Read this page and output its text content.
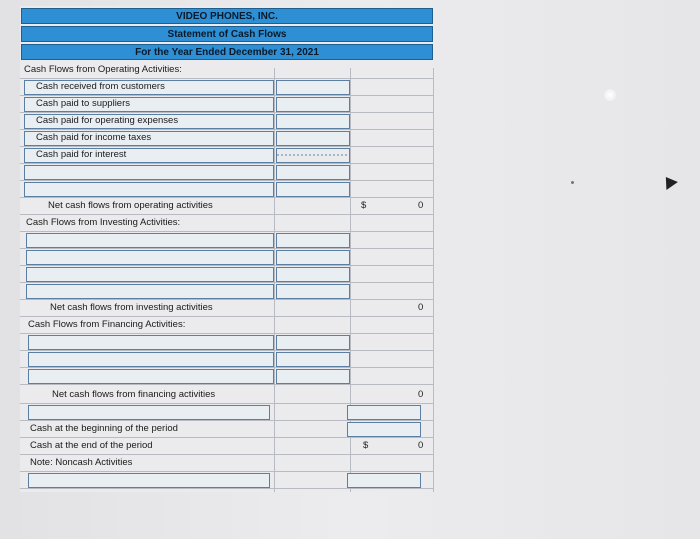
VIDEO PHONES, INC.
Statement of Cash Flows
For the Year Ended December 31, 2021
Cash Flows from Operating Activities:
Cash received from customers
Cash paid to suppliers
Cash paid for operating expenses
Cash paid for income taxes
Cash paid for interest
Net cash flows from operating activities	$	0
Cash Flows from Investing Activities:
Net cash flows from investing activities	0
Cash Flows from Financing Activities:
Net cash flows from financing activities	0
Cash at the beginning of the period
Cash at the end of the period	$	0
Note: Noncash Activities
